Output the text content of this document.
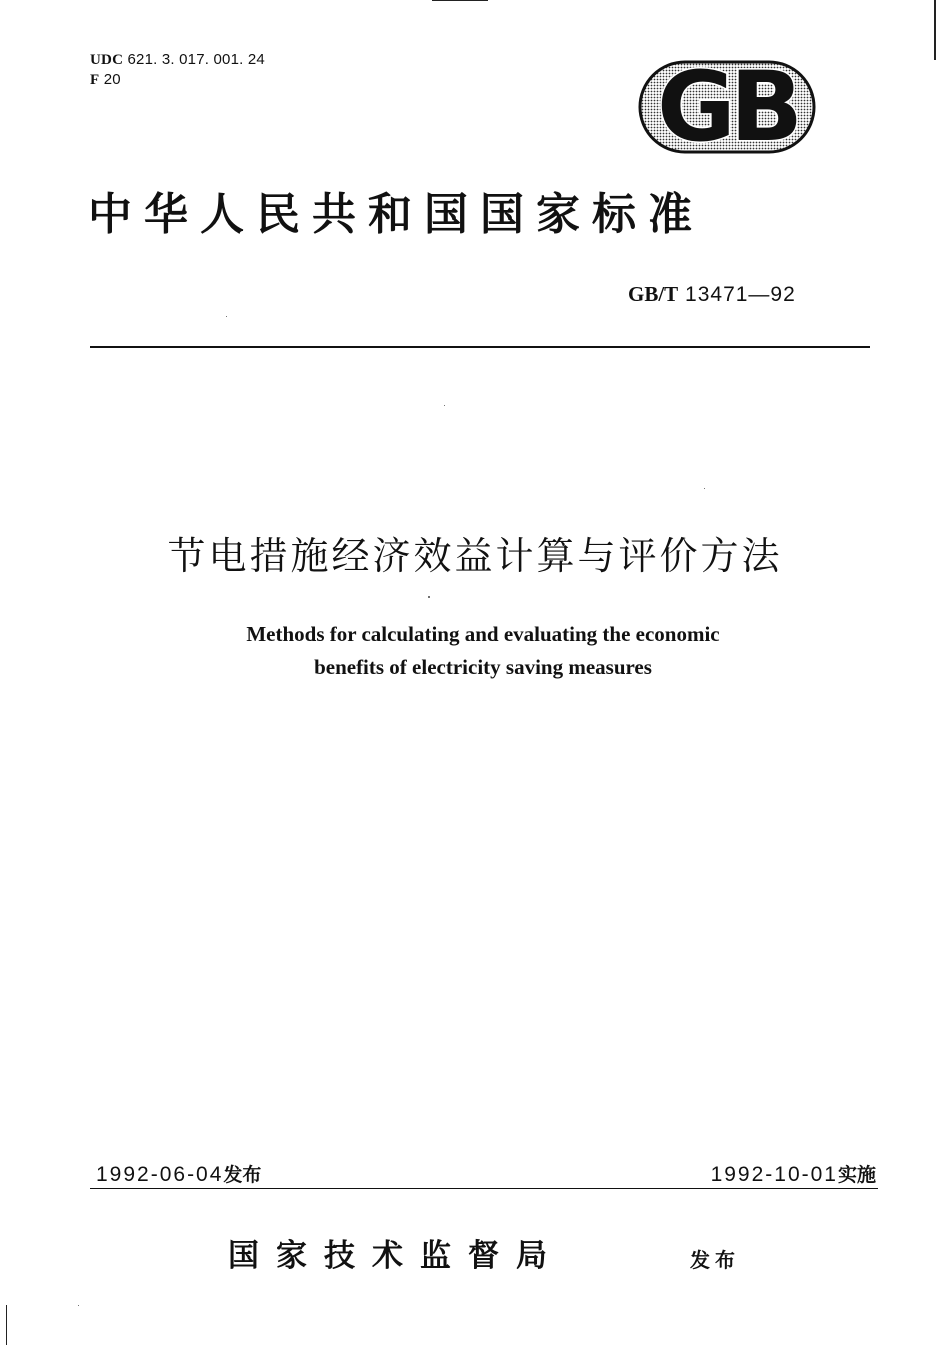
UDC 621. 3. 017. 001. 24
F 20	GB
中华人民共和国国家标准
GB/T 13471—92
节电措施经济效益计算与评价方法
Methods for calculating and evaluating the economic
benefits of electricity saving measures
1992-06-04发布	1992-10-01实施
国家技术监督局	发布
